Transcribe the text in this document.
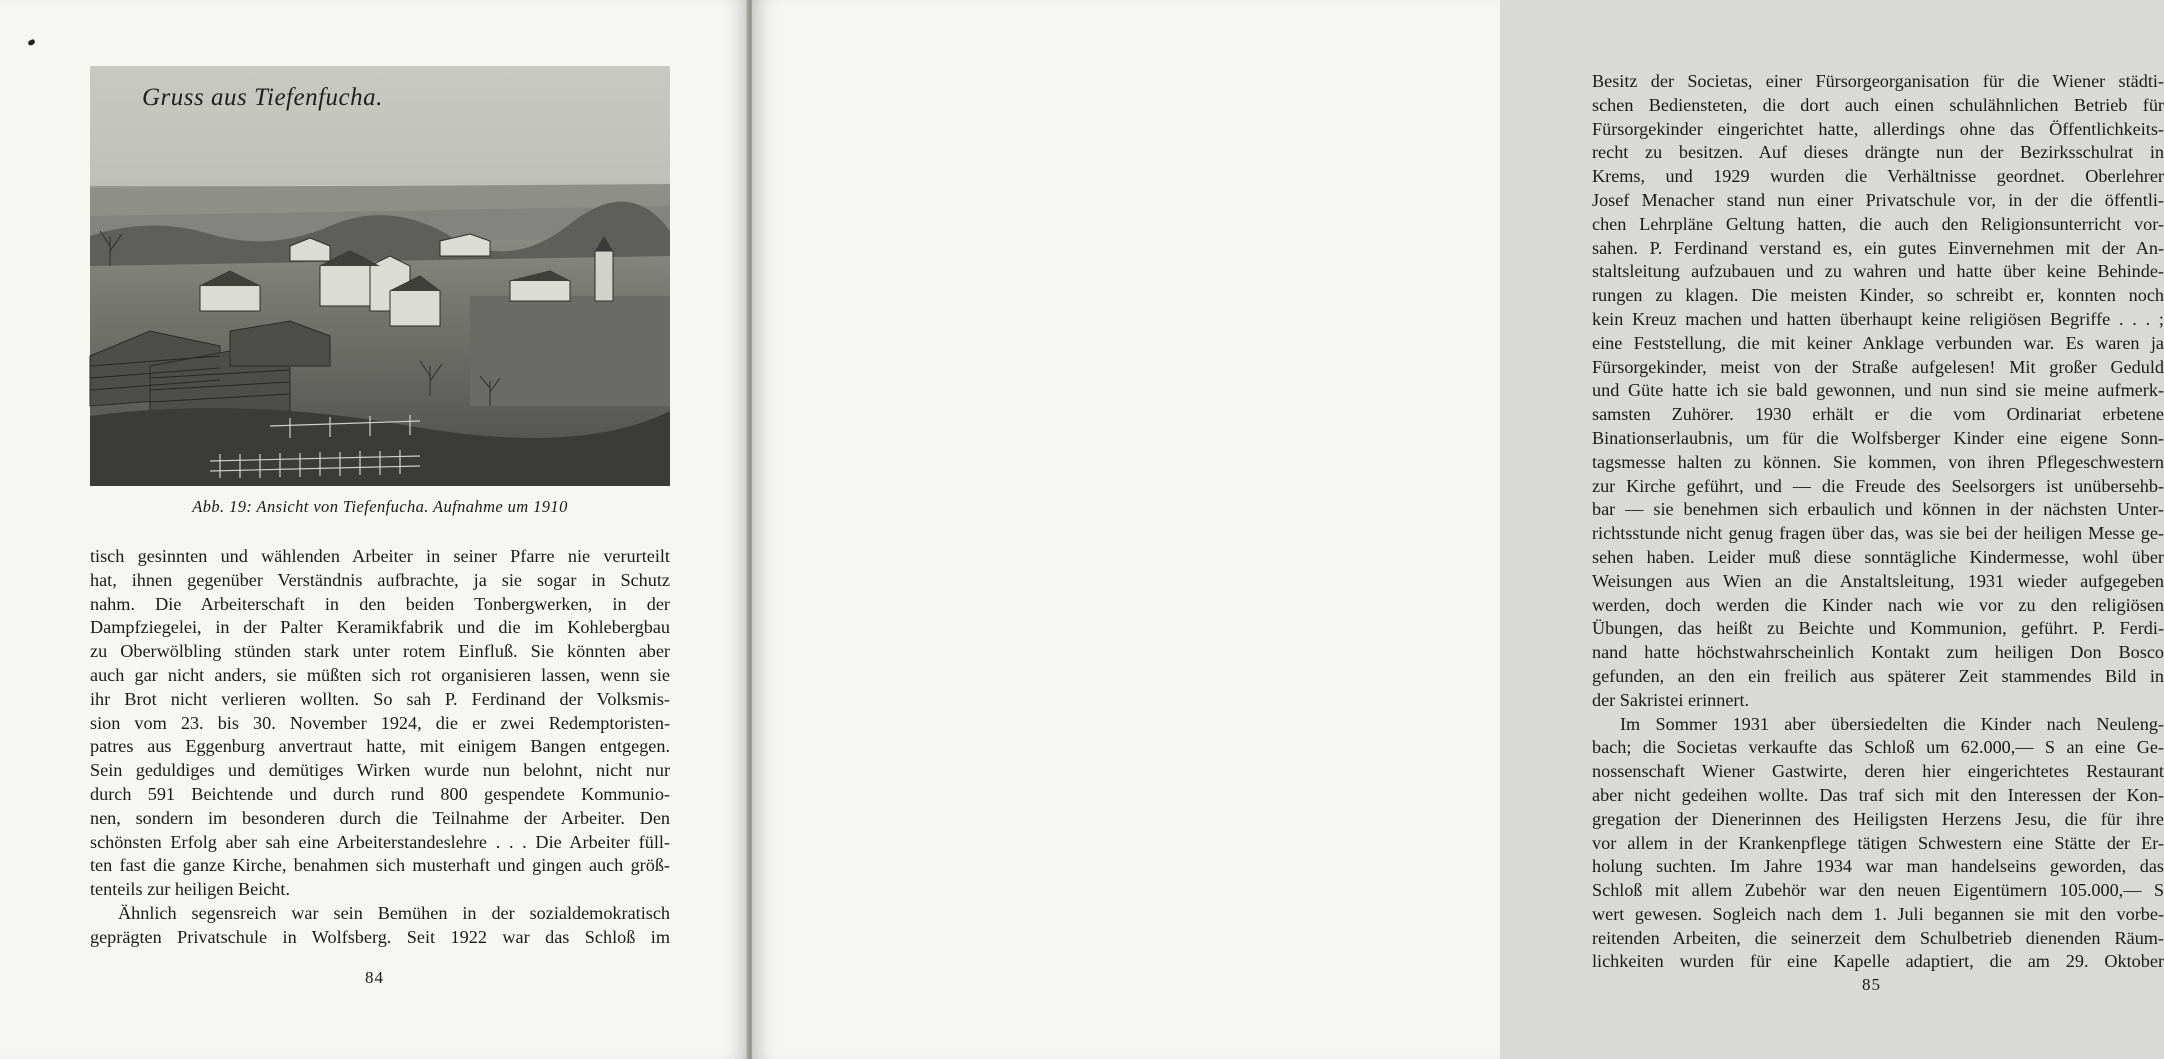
Gruss aus Tiefenfucha.
Abb. 19: Ansicht von Tiefenfucha. Aufnahme um 1910
tisch gesinnten und wählenden Arbeiter in seiner Pfarre nie verurteilt
hat, ihnen gegenüber Verständnis aufbrachte, ja sie sogar in Schutz
nahm. Die Arbeiterschaft in den beiden Tonbergwerken, in der
Dampfziegelei, in der Palter Keramikfabrik und die im Kohlebergbau
zu Oberwölbling stünden stark unter rotem Einfluß. Sie könnten aber
auch gar nicht anders, sie müßten sich rot organisieren lassen, wenn sie
ihr Brot nicht verlieren wollten. So sah P. Ferdinand der Volksmis-
sion vom 23. bis 30. November 1924, die er zwei Redemptoristen-
patres aus Eggenburg anvertraut hatte, mit einigem Bangen entgegen.
Sein geduldiges und demütiges Wirken wurde nun belohnt, nicht nur
durch 591 Beichtende und durch rund 800 gespendete Kommunio-
nen, sondern im besonderen durch die Teilnahme der Arbeiter. Den
schönsten Erfolg aber sah eine Arbeiterstandeslehre . . . Die Arbeiter füll-
ten fast die ganze Kirche, benahmen sich musterhaft und gingen auch größ-
tenteils zur heiligen Beicht.
Ähnlich segensreich war sein Bemühen in der sozialdemokratisch
geprägten Privatschule in Wolfsberg. Seit 1922 war das Schloß im
84
Besitz der Societas, einer Fürsorgeorganisation für die Wiener städti-
schen Bediensteten, die dort auch einen schulähnlichen Betrieb für
Fürsorgekinder eingerichtet hatte, allerdings ohne das Öffentlichkeits-
recht zu besitzen. Auf dieses drängte nun der Bezirksschulrat in
Krems, und 1929 wurden die Verhältnisse geordnet. Oberlehrer
Josef Menacher stand nun einer Privatschule vor, in der die öffentli-
chen Lehrpläne Geltung hatten, die auch den Religionsunterricht vor-
sahen. P. Ferdinand verstand es, ein gutes Einvernehmen mit der An-
staltsleitung aufzubauen und zu wahren und hatte über keine Behinde-
rungen zu klagen. Die meisten Kinder, so schreibt er, konnten noch
kein Kreuz machen und hatten überhaupt keine religiösen Begriffe . . . ;
eine Feststellung, die mit keiner Anklage verbunden war. Es waren ja
Fürsorgekinder, meist von der Straße aufgelesen! Mit großer Geduld
und Güte hatte ich sie bald gewonnen, und nun sind sie meine aufmerk-
samsten Zuhörer. 1930 erhält er die vom Ordinariat erbetene
Binationserlaubnis, um für die Wolfsberger Kinder eine eigene Sonn-
tagsmesse halten zu können. Sie kommen, von ihren Pflegeschwestern
zur Kirche geführt, und — die Freude des Seelsorgers ist unübersehb-
bar — sie benehmen sich erbaulich und können in der nächsten Unter-
richtsstunde nicht genug fragen über das, was sie bei der heiligen Messe ge-
sehen haben. Leider muß diese sonntägliche Kindermesse, wohl über
Weisungen aus Wien an die Anstaltsleitung, 1931 wieder aufgegeben
werden, doch werden die Kinder nach wie vor zu den religiösen
Übungen, das heißt zu Beichte und Kommunion, geführt. P. Ferdi-
nand hatte höchstwahrscheinlich Kontakt zum heiligen Don Bosco
gefunden, an den ein freilich aus späterer Zeit stammendes Bild in
der Sakristei erinnert.
Im Sommer 1931 aber übersiedelten die Kinder nach Neuleng-
bach; die Societas verkaufte das Schloß um 62.000,— S an eine Ge-
nossenschaft Wiener Gastwirte, deren hier eingerichtetes Restaurant
aber nicht gedeihen wollte. Das traf sich mit den Interessen der Kon-
gregation der Dienerinnen des Heiligsten Herzens Jesu, die für ihre
vor allem in der Krankenpflege tätigen Schwestern eine Stätte der Er-
holung suchten. Im Jahre 1934 war man handelseins geworden, das
Schloß mit allem Zubehör war den neuen Eigentümern 105.000,— S
wert gewesen. Sogleich nach dem 1. Juli begannen sie mit den vorbe-
reitenden Arbeiten, die seinerzeit dem Schulbetrieb dienenden Räum-
lichkeiten wurden für eine Kapelle adaptiert, die am 29. Oktober
85
